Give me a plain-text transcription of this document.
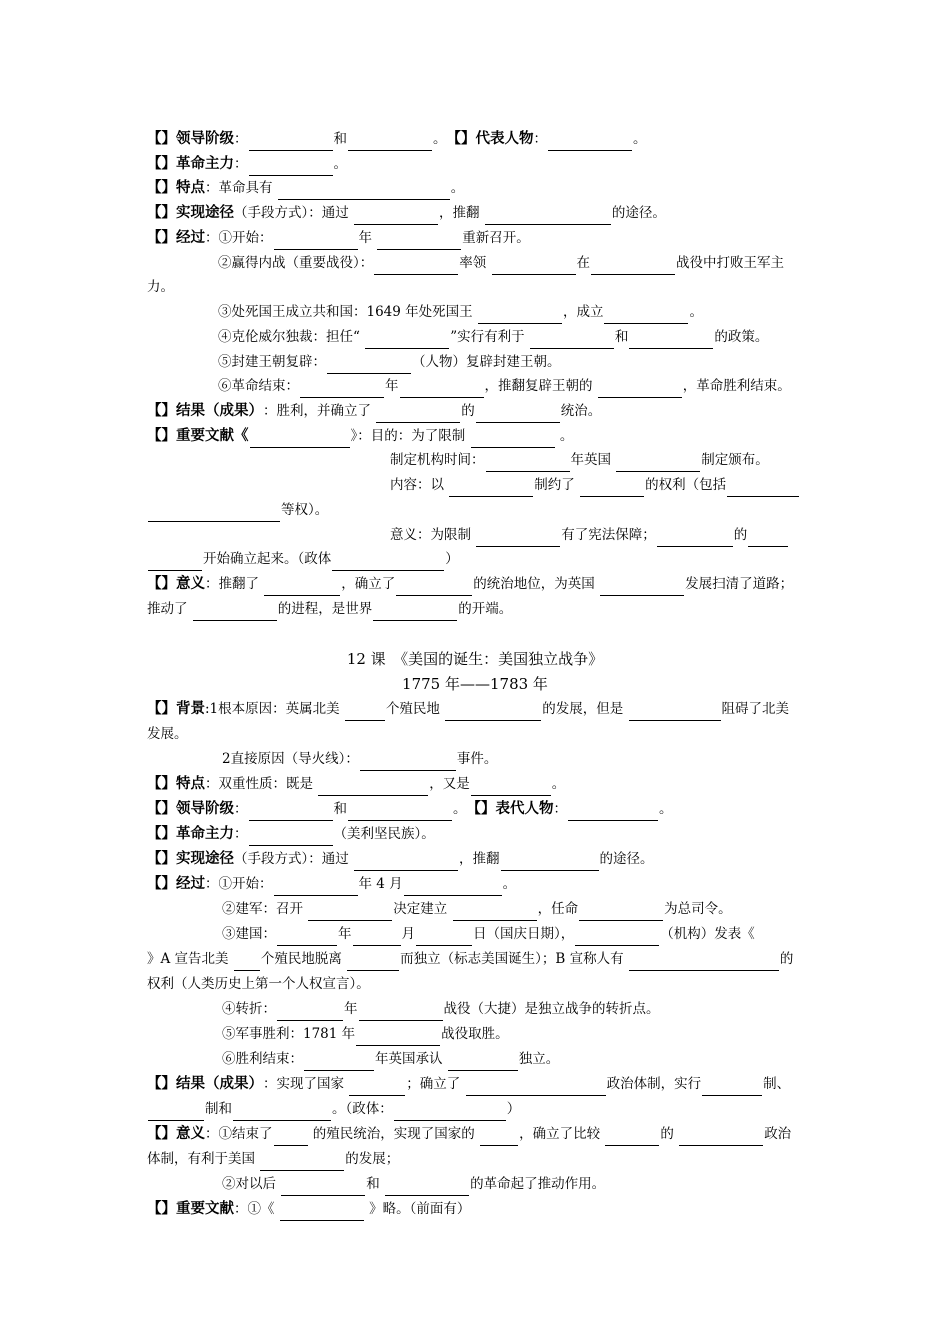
【】领导阶级：	和	。【】代表人物：	。
【】革命主力：	。
【】特点：革命具有	。
【】实现途径（手段方式）：通过	，推翻	的途径。
【】经过：①开始：	年	重新召开。
②赢得内战（重要战役）：	率领	在	战役中打败王军主
力。
③处死国王成立共和国：1649 年处死国王	，成立	。
④克伦威尔独裁：担任“	”实行有利于	和	的政策。
⑤封建王朝复辟：	（人物）复辟封建王朝。
⑥革命结束：	年	，推翻复辟王朝的	，革命胜利结束。
【】结果（成果）：胜利，并确立了	的	统治。
【】重要文献《	》：目的：为了限制	。
制定机构时间：	年英国	制定颁布。
内容：以	制约了	的权利（包括
等权）。
意义：为限制	有了宪法保障；	的
开始确立起来。（政体	）
【】意义：推翻了	，确立了	的统治地位，为英国	发展扫清了道路；
推动了	的进程，是世界	的开端。
12 课　《美国的诞生：美国独立战争》
1775 年——1783 年
【】背景:1根本原因：英属北美	个殖民地	的发展，但是	阻碍了北美
发展。
2直接原因（导火线）：	事件。
【】特点：双重性质：既是	，又是	。
【】领导阶级：	和	。【】表代人物：	。
【】革命主力：	（美利坚民族）。
【】实现途径（手段方式）：通过	，推翻	的途径。
【】经过：①开始：	年 4 月	。
②建军：召开	决定建立	，任命	为总司令。
③建国：	年	月	日（国庆日期），	（机构）发表《
》A 宣告北美 个殖民地脱离	而独立（标志美国诞生）；B 宣称人有	的
权利（人类历史上第一个人权宣言）。
④转折：	年	战役（大捷）是独立战争的转折点。
⑤军事胜利：1781 年	战役取胜。
⑥胜利结束：	年英国承认	独立。
【】结果（成果）：实现了国家	；确立了	政治体制，实行	制、
制和	。（政体：	）
【】意义：①结束了	的殖民统治，实现了国家的	，确立了比较	的	政治
体制，有利于美国	的发展；
②对以后	和	的革命起了推动作用。
【】重要文献：①《	》略。（前面有）
